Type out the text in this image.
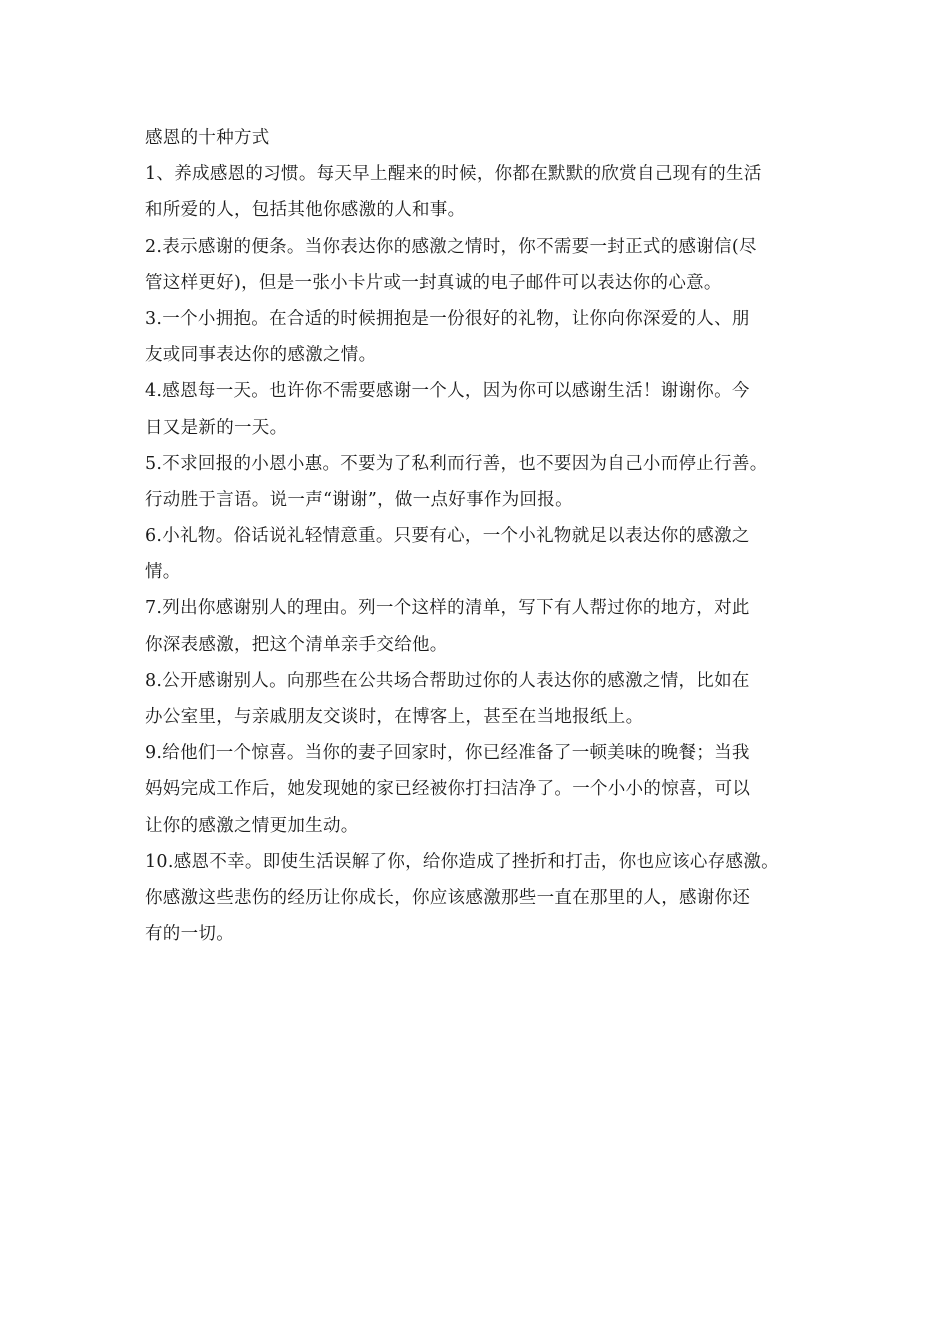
感恩的十种方式
1、养成感恩的习惯。每天早上醒来的时候，你都在默默的欣赏自己现有的生活
和所爱的人，包括其他你感激的人和事。
2.表示感谢的便条。当你表达你的感激之情时，你不需要一封正式的感谢信(尽
管这样更好)，但是一张小卡片或一封真诚的电子邮件可以表达你的心意。
3.一个小拥抱。在合适的时候拥抱是一份很好的礼物，让你向你深爱的人、朋
友或同事表达你的感激之情。
4.感恩每一天。也许你不需要感谢一个人，因为你可以感谢生活！谢谢你。今
日又是新的一天。
5.不求回报的小恩小惠。不要为了私利而行善，也不要因为自己小而停止行善。
行动胜于言语。说一声“谢谢”，做一点好事作为回报。
6.小礼物。俗话说礼轻情意重。只要有心，一个小礼物就足以表达你的感激之
情。
7.列出你感谢别人的理由。列一个这样的清单，写下有人帮过你的地方，对此
你深表感激，把这个清单亲手交给他。
8.公开感谢别人。向那些在公共场合帮助过你的人表达你的感激之情，比如在
办公室里，与亲戚朋友交谈时，在博客上，甚至在当地报纸上。
9.给他们一个惊喜。当你的妻子回家时，你已经准备了一顿美味的晚餐；当我
妈妈完成工作后，她发现她的家已经被你打扫洁净了。一个小小的惊喜，可以
让你的感激之情更加生动。
10.感恩不幸。即使生活误解了你，给你造成了挫折和打击，你也应该心存感激。
你感激这些悲伤的经历让你成长，你应该感激那些一直在那里的人，感谢你还
有的一切。
